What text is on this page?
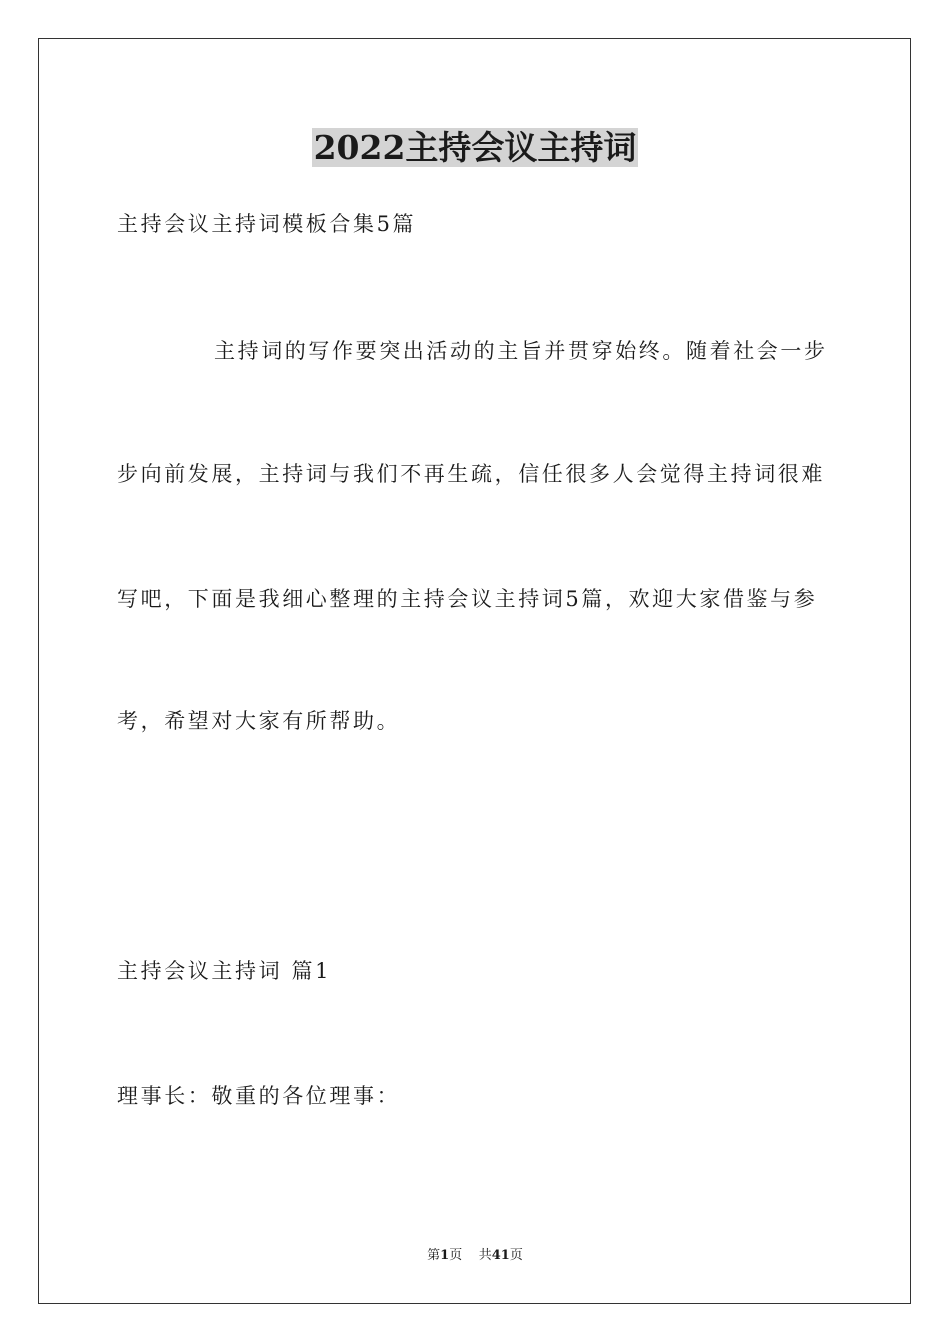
2022主持会议主持词

主持会议主持词模板合集5篇

主持词的写作要突出活动的主旨并贯穿始终。随着社会一步

步向前发展，主持词与我们不再生疏，信任很多人会觉得主持词很难

写吧，下面是我细心整理的主持会议主持词5篇，欢迎大家借鉴与参

考，希望对大家有所帮助。

主持会议主持词 篇1

理事长：敬重的各位理事：

第1页 共41页
